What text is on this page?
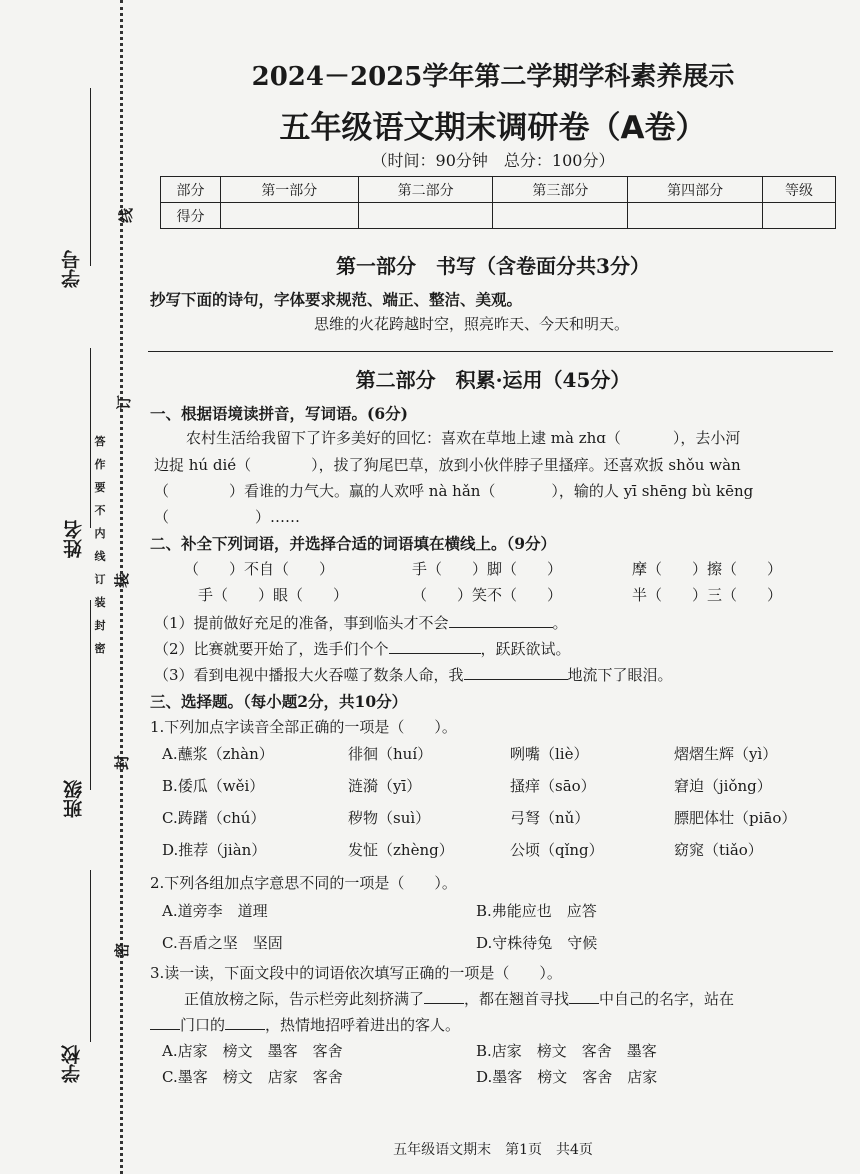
学号
线
订
姓名
装
答 作 要 不 内 线 订 装 封 密
班级
封
密
学校
2024－2025学年第二学期学科素养展示
五年级语文期末调研卷（A卷）
（时间：90分钟　总分：100分）
部分	第一部分	第二部分	第三部分	第四部分	等级
得分					
第一部分　书写（含卷面分共3分）
抄写下面的诗句，字体要求规范、端正、整洁、美观。
思维的火花跨越时空，照亮昨天、今天和明天。
第二部分　积累·运用（45分）
一、根据语境读拼音，写词语。(6分)
农村生活给我留下了许多美好的回忆：喜欢在草地上逮 mà zhɑ（	），去小河
边捉 hú dié（	），拔了狗尾巴草，放到小伙伴脖子里搔痒。还喜欢扳 shǒu wàn
（	）看谁的力气大。赢的人欢呼 nà hǎn（	），输的人 yī shēng bù kēng
（	）……
二、补全下列词语，并选择合适的词语填在横线上。（9分）
（　　）不自（　　）	手（　　）脚（　　）	摩（　　）擦（　　）
手（　　）眼（　　）	（　　）笑不（　　）	半（　　）三（　　）
（1）提前做好充足的准备，事到临头才不会	。
（2）比赛就要开始了，选手们个个	，跃跃欲试。
（3）看到电视中播报大火吞噬了数条人命，我	地流下了眼泪。
三、选择题。（每小题2分，共10分）
1.下列加点字读音全部正确的一项是（　　）。
A.蘸浆（zhàn）	徘徊（huí）	咧嘴（liè）	熠熠生辉（yì）
B.倭瓜（wěi）	涟漪（yī）	搔痒（sāo）	窘迫（jiǒng）
C.踌躇（chú）	秽物（suì）	弓弩（nǔ）	膘肥体壮（piāo）
D.推荐（jiàn）	发怔（zhèng）	公顷（qǐng）	窈窕（tiǎo）
2.下列各组加点字意思不同的一项是（　　）。
A.道旁李　道理	B.弗能应也　应答
C.吾盾之坚　坚固	D.守株待兔　守候
3.读一读，下面文段中的词语依次填写正确的一项是（　　）。
正值放榜之际，告示栏旁此刻挤满了	，都在翘首寻找 中自己的名字，站在
门口的	，热情地招呼着进出的客人。
A.店家　榜文　墨客　客舍	B.店家　榜文　客舍　墨客
C.墨客　榜文　店家　客舍	D.墨客　榜文　客舍　店家
五年级语文期末　第1页　共4页
